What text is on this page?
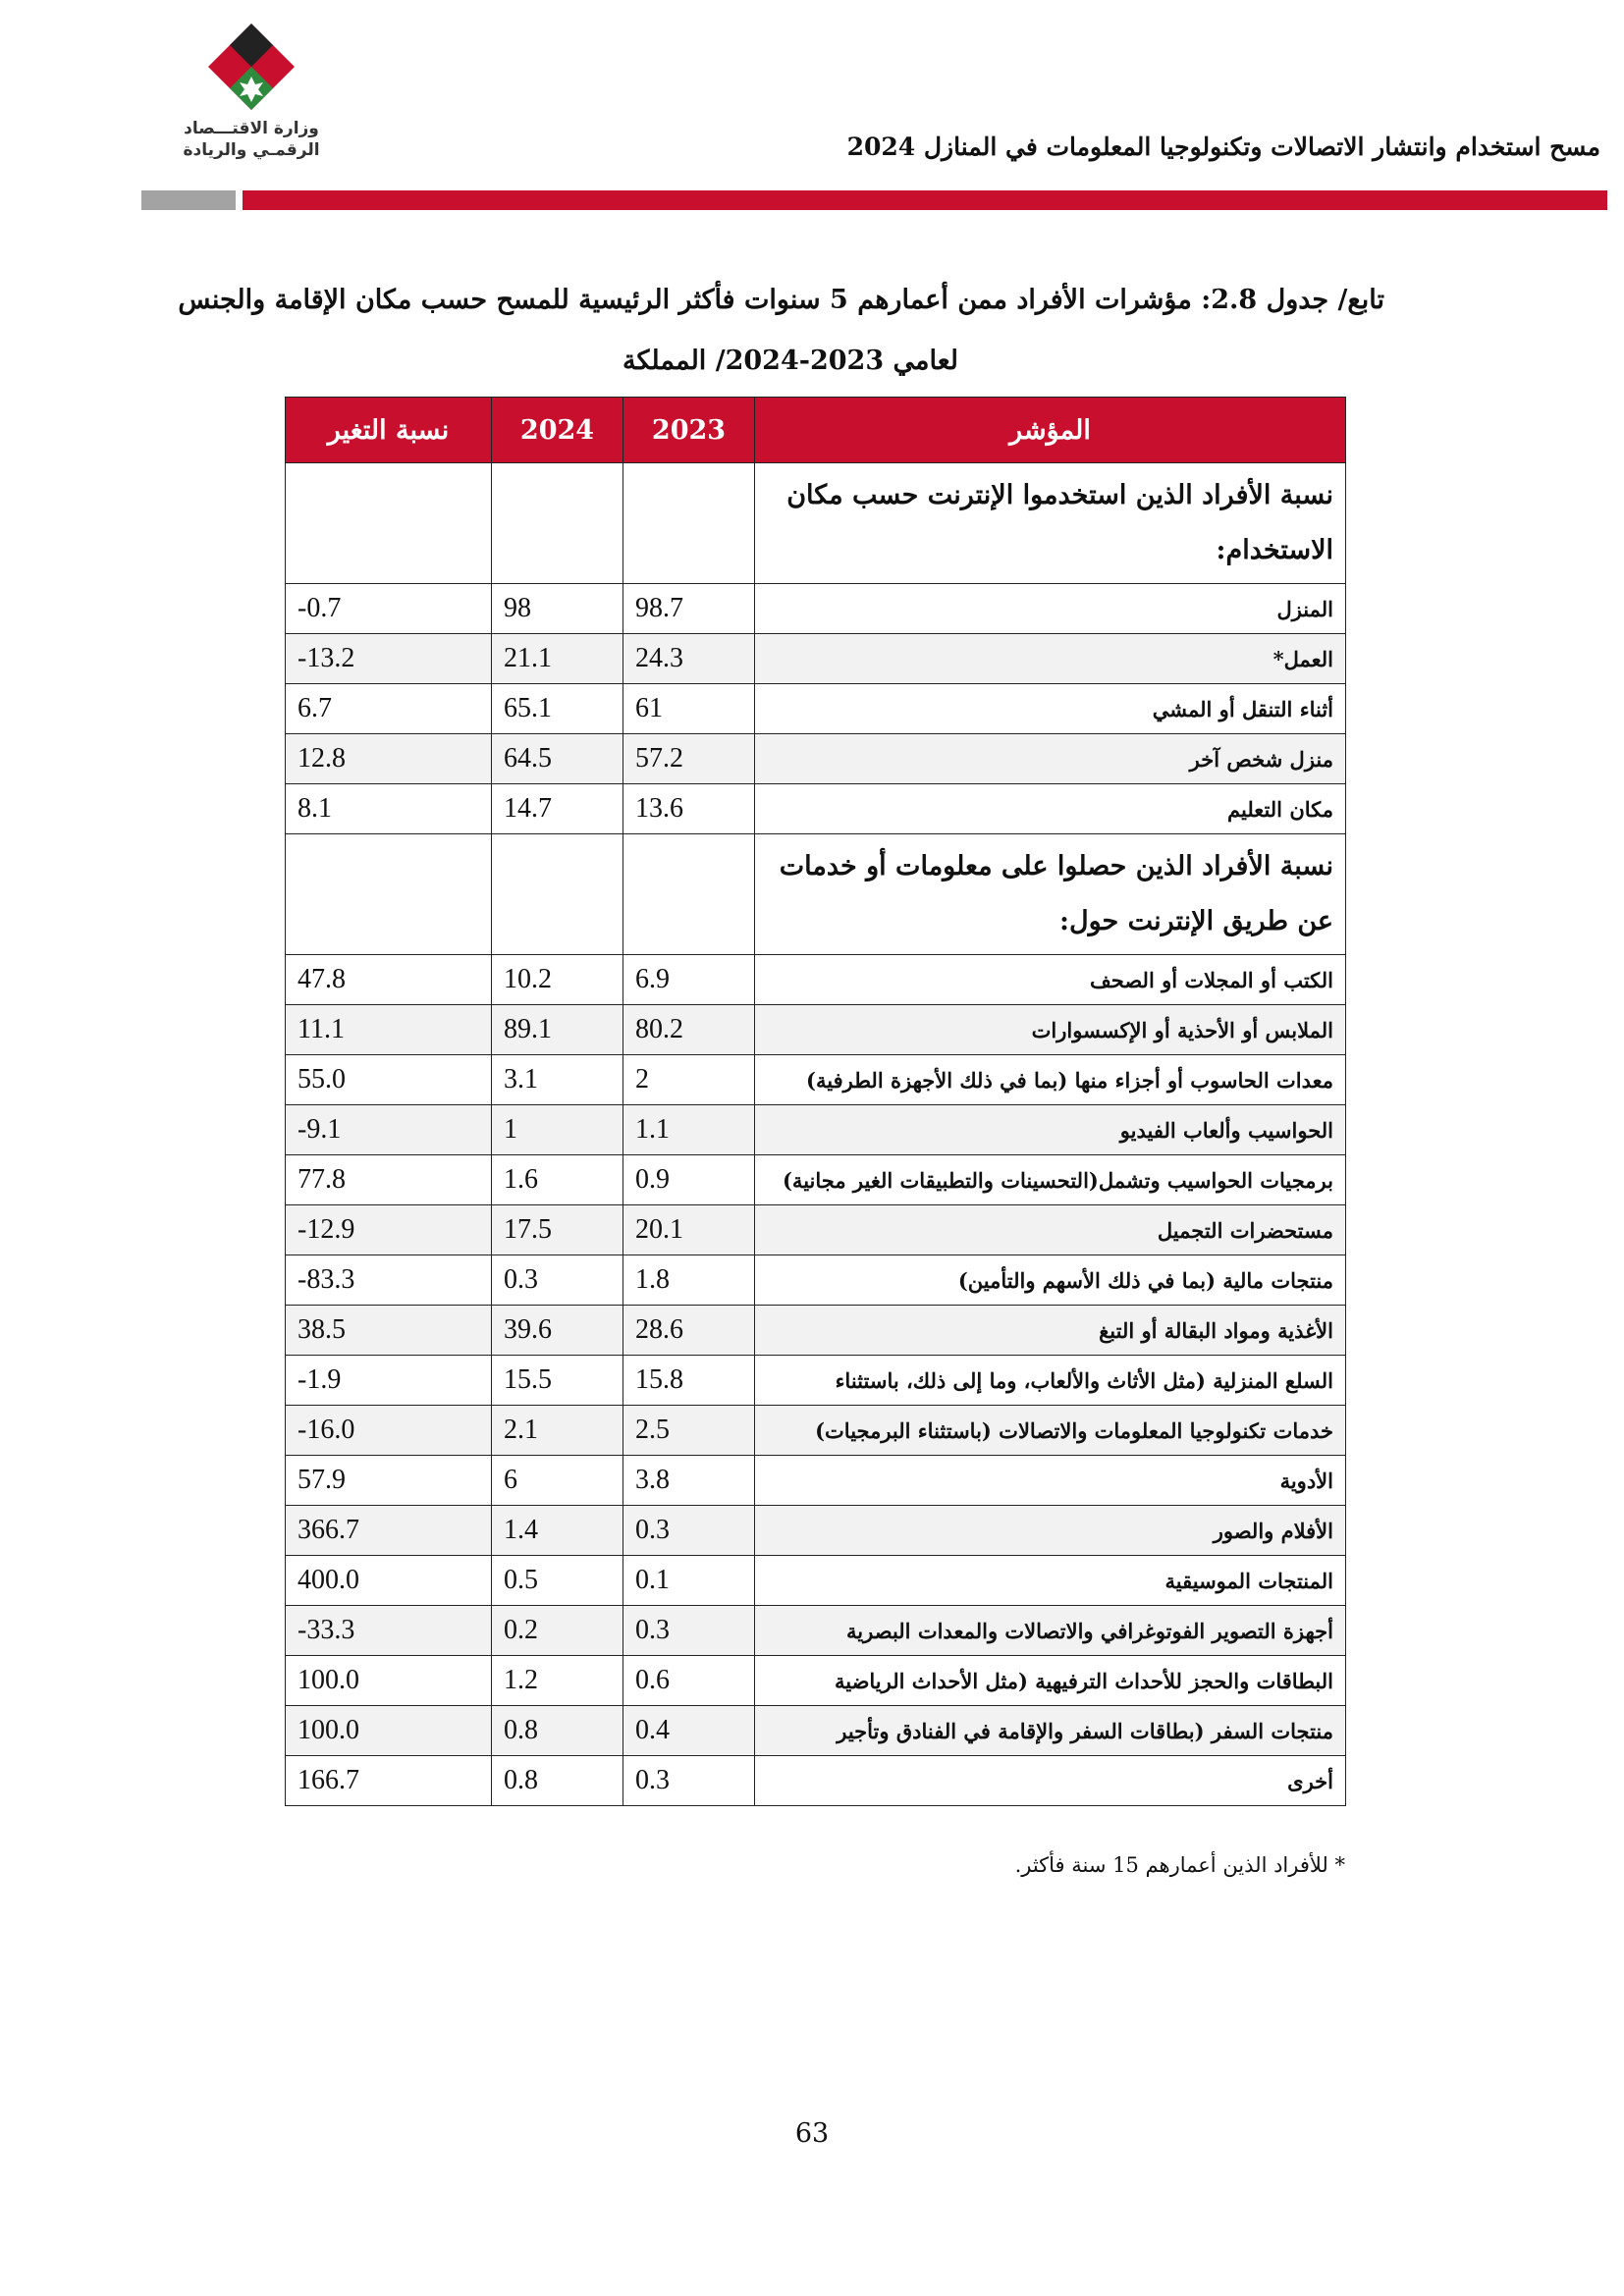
وزارة الاقتـــصاد الرقمـي والريادة	مسح استخدام وانتشار الاتصالات وتكنولوجيا المعلومات في المنازل 2024
تابع/ جدول 2.8: مؤشرات الأفراد ممن أعمارهم 5 سنوات فأكثر الرئيسية للمسح حسب مكان الإقامة والجنس
لعامي 2023-2024/ المملكة
المؤشر	2023	2024	نسبة التغير
نسبة الأفراد الذين استخدموا الإنترنت حسب مكان الاستخدام:			
المنزل	98.7	98	-0.7
العمل*	24.3	21.1	-13.2
أثناء التنقل أو المشي	61	65.1	6.7
منزل شخص آخر	57.2	64.5	12.8
مكان التعليم	13.6	14.7	8.1
نسبة الأفراد الذين حصلوا على معلومات أو خدمات عن طريق الإنترنت حول:			
الكتب أو المجلات أو الصحف	6.9	10.2	47.8
الملابس أو الأحذية أو الإكسسوارات	80.2	89.1	11.1
معدات الحاسوب أو أجزاء منها (بما في ذلك الأجهزة الطرفية)	2	3.1	55.0
الحواسيب وألعاب الفيديو	1.1	1	-9.1
برمجيات الحواسيب وتشمل(التحسينات والتطبيقات الغير مجانية)	0.9	1.6	77.8
مستحضرات التجميل	20.1	17.5	-12.9
منتجات مالية (بما في ذلك الأسهم والتأمين)	1.8	0.3	-83.3
الأغذية ومواد البقالة أو التبغ	28.6	39.6	38.5
السلع المنزلية (مثل الأثاث والألعاب، وما إلى ذلك، باستثناء	15.8	15.5	-1.9
خدمات تكنولوجيا المعلومات والاتصالات (باستثناء البرمجيات)	2.5	2.1	-16.0
الأدوية	3.8	6	57.9
الأفلام والصور	0.3	1.4	366.7
المنتجات الموسيقية	0.1	0.5	400.0
أجهزة التصوير الفوتوغرافي والاتصالات والمعدات البصرية	0.3	0.2	-33.3
البطاقات والحجز للأحداث الترفيهية (مثل الأحداث الرياضية	0.6	1.2	100.0
منتجات السفر (بطاقات السفر والإقامة في الفنادق وتأجير	0.4	0.8	100.0
أخرى	0.3	0.8	166.7
* للأفراد الذين أعمارهم 15 سنة فأكثر.
63
